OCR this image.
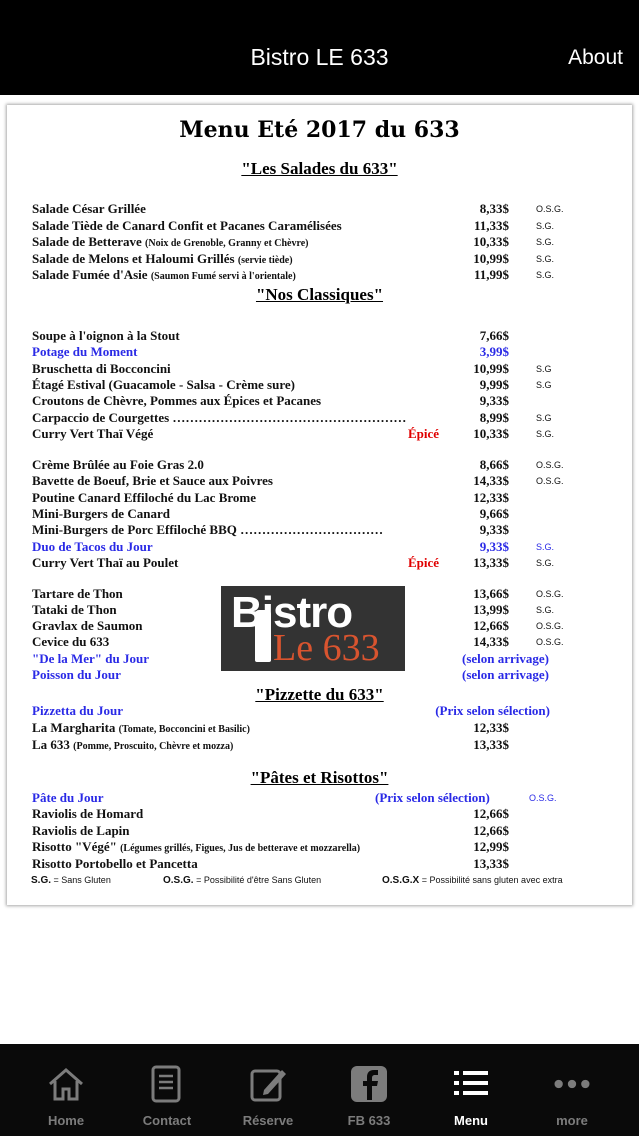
Bistro LE 633	About
Menu Eté 2017 du 633
"Les Salades du 633"
Salade César Grillée	8,33$	O.S.G.
Salade Tiède de Canard Confit et Pacanes Caramélisées	11,33$	S.G.
Salade de Betterave (Noix de Grenoble, Granny et Chèvre)	10,33$	S.G.
Salade de Melons et Haloumi Grillés (servie tiède)	10,99$	S.G.
Salade Fumée d'Asie (Saumon Fumé servi à l'orientale)	11,99$	S.G.
"Nos Classiques"
Soupe à l'oignon à la Stout	7,66$
Potage du Moment	3,99$
Bruschetta di Bocconcini	10,99$	S.G
Étagé Estival (Guacamole - Salsa - Crème sure)	9,99$	S.G
Croutons de Chèvre, Pommes aux Épices et Pacanes	9,33$
Carpaccio de Courgettes ………………………………………………	8,99$	S.G
Curry Vert Thaï Végé	Épicé	10,33$	S.G.
Crème Brûlée au Foie Gras 2.0	8,66$	O.S.G.
Bavette de Boeuf, Brie et Sauce aux Poivres	14,33$	O.S.G.
Poutine Canard Effiloché du Lac Brome	12,33$
Mini-Burgers de Canard	9,66$
Mini-Burgers de Porc Effiloché BBQ ……………………………	9,33$
Duo de Tacos du Jour	9,33$	S.G.
Curry Vert Thaï au Poulet	Épicé	13,33$	S.G.
Tartare de Thon	13,66$	O.S.G.
Tataki de Thon	13,99$	S.G.
Gravlax de Saumon	12,66$	O.S.G.
Cevice du 633	14,33$	O.S.G.
"De la Mer" du Jour	(selon arrivage)
Poisson du Jour	(selon arrivage)
Bistro
Le 633
"Pizzette du 633"
Pizzetta du Jour	(Prix selon sélection)
La Margharita (Tomate, Bocconcini et Basilic)	12,33$
La 633 (Pomme, Proscuito, Chèvre et mozza)	13,33$
"Pâtes et Risottos"
Pâte du Jour	(Prix selon sélection)	O.S.G.
Raviolis de Homard	12,66$
Raviolis de Lapin	12,66$
Risotto "Végé" (Légumes grillés, Figues, Jus de betterave et mozzarella)	12,99$
Risotto Portobello et Pancetta	13,33$
S.G. = Sans Gluten	O.S.G. = Possibilité d'être Sans Gluten	O.S.G.X = Possibilité sans gluten avec extra
Home	Contact	Réserve	FB 633	Menu	more
